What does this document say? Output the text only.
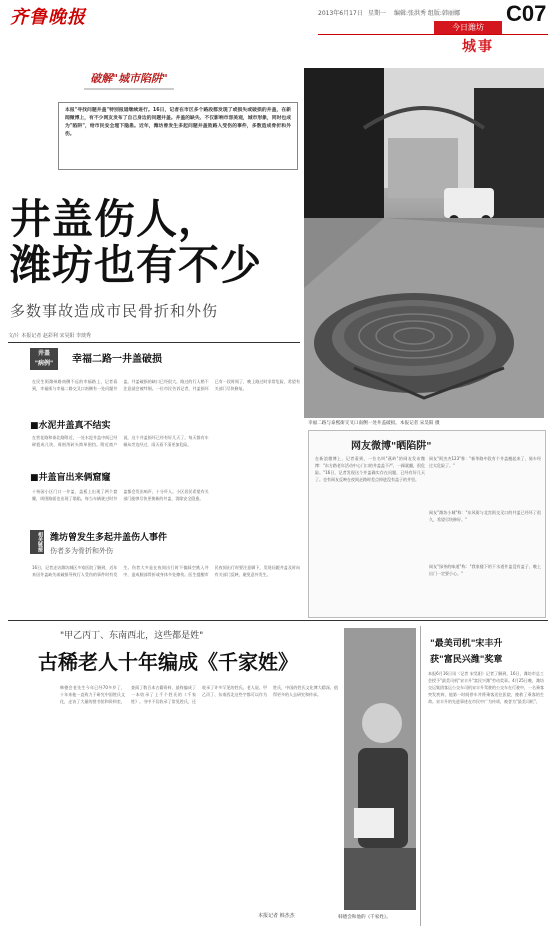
齐鲁晚报	2013年6月17日 星期一 编辑:张洪秀 组版:韩丽娜 C07
今日潍坊
城事
破解"城市陷阱"
本报"寻找问题井盖"特别报道继续进行。16日，记者在市区多个路段都发现了或损失或破损的井盖，在新闻微博上，有不少网友发布了自己身边的问题井盖。井盖的缺失、不仅影响市容美观，城市形象，同时也成为"陷阱"，给市民安全埋下隐患。近年，潍坊曾发生多起问题井盖致路人受伤的事件，多数造成骨折和外伤。
井盖伤人，
潍坊也有不少
多数事故造成市民骨折和外伤
文/片 本报记者 赵彩利 宋昊阳 李琰秀
幸福二路与泰熙街交叉口南侧一处井盖破损。本报记者 宋昊阳 摄
井盖
"病例"	幸福二路一井盖破损
在民生街潍州路南侧不远的幸福路上，记者看到，幸福街与幸福二路交叉口南侧有一处问题井盖。井盖破损的缺口已经很大，路过的行人稍不注意就会被绊倒。一位市民告诉记者，井盖损坏已有一段时间了，晚上路过时非常危险，希望有关部门尽快修复。
■水泥井盖真不结实
在营花路和泰北路附近，一处水泥井盖中间已经碎裂成几块，周围用砖头简单围挡。附近商户说，这个井盖损坏已经有好几天了，每天都有车辆从旁边经过，雨天看不清更加危险。
■井盖盲出来俩窟窿
十笏园小区门口一井盖，盖板上出现了两个窟窿，周围路面也出现了塌陷。每当车辆驶过时井盖都会发出响声，十分吓人。小区居民希望有关部门能够尽快更换新的井盖，消除安全隐患。
相关链接 潍坊曾发生多起井盖伤人事件
伤者多为骨折和外伤
16日，记者走访潍坊城区多家医院了解到，近年来因井盖缺失或破损导致行人受伤的事件时有发生。伤者大多是在夜间出行时不慎踩空跌入井中，造成腿部骨折或身体多处擦伤。医生提醒市民夜间出行时要注意脚下，发现问题井盖及时向有关部门反映，避免意外发生。
网友微博"晒陷阱"
在新浪微博上，记者看到，一位名叫"燕岭"的网友发布微博："东方路老年活动中心门口的井盖盖不严，一踩就翻，很危险。"16日，记者发现这个井盖确实存在问题，已经有好几天了。也有网友反映在夜间走路时差点掉进没有盖子的井里。
网友"阿杰杰123"称："新华路中段有个井盖翘起来了，骑车经过太危险了。"
网友"潍坊小城"称："东风街与北宫街交叉口的井盖已经坏了很久，希望尽快修好。"
网友"绿茶的味道"称："我家楼下的下水道井盖没有盖子，晚上出门一定要小心。"
"甲乙丙丁、东南西北，这些都是姓"
古稀老人十年编成《千家姓》
韩德会老先生今年已经70多岁了，十年来他一直致力于研究中国姓氏文化，走访了大量的图书馆和资料室，查阅了数百本古籍资料，最终编成了一本收录了上千个姓氏的《千家姓》。书中不仅收录了常见姓氏，还收录了许多罕见的姓氏。老人说，甲乙丙丁、东南西北这些字都可以作为姓氏，中国的姓氏文化博大精深，值得更多的人去研究和传承。
本报记者 韩杰杰	韩德会和他的《千家姓》。
"最美司机"宋丰升
获"富民兴潍"奖章
本报6月16日讯（记者 宋昊阳）记者了解到，16日，潍坊市总工会授予"最美司机"宋丰升"富民兴潍"劳动奖章。4月25日晚，潍坊交运集团客运公交车司机宋丰升驾驶的公交车在行驶中，一名乘客突发疾病，他第一时间停车并将乘客送往医院，挽救了乘客的生命。宋丰升的先进事迹在市民中广为传颂，被誉为"最美司机"。
